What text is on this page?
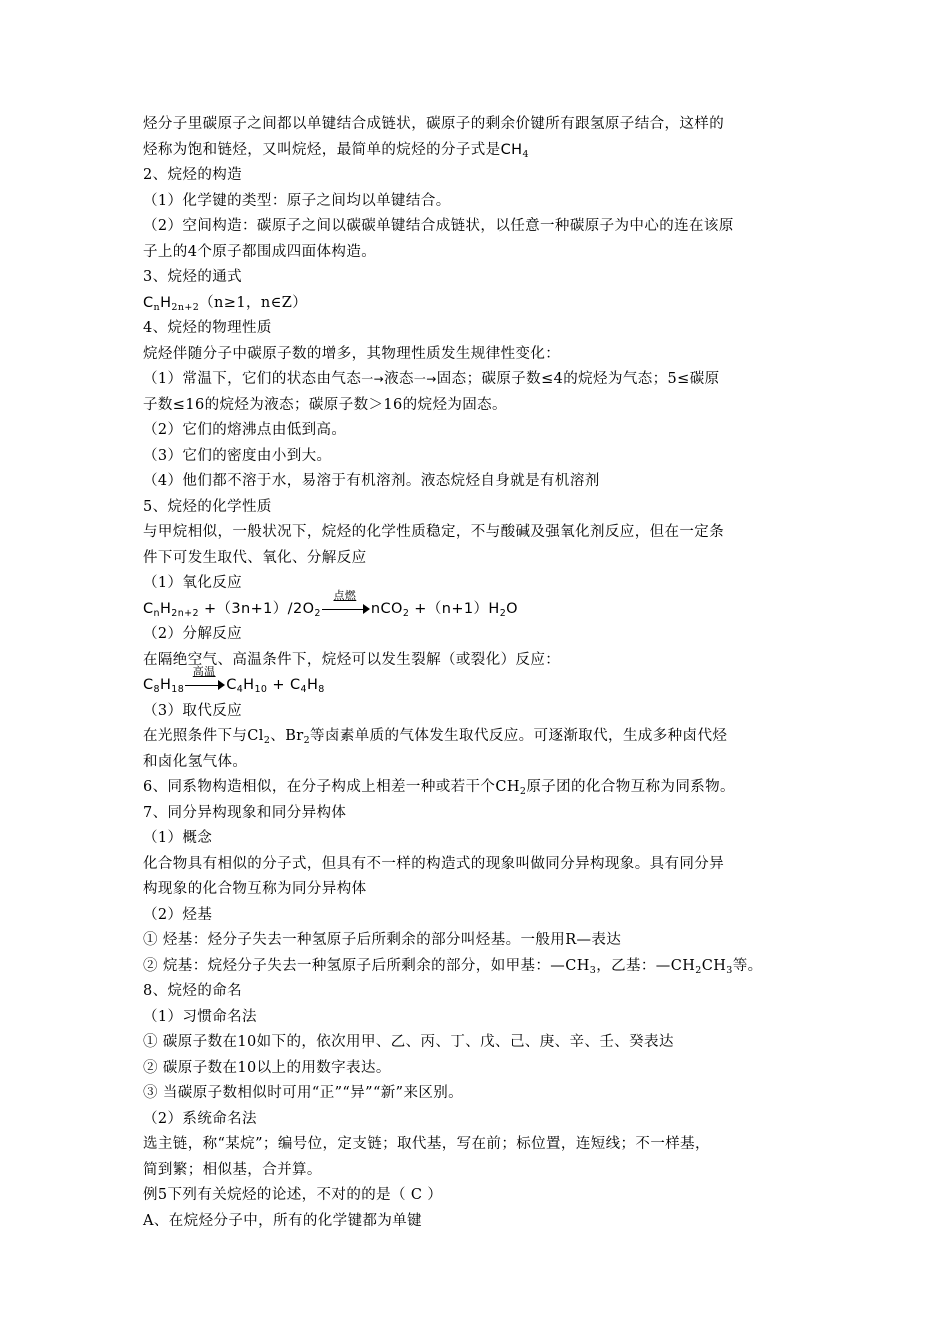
烃分子里碳原子之间都以单键结合成链状，碳原子的剩余价键所有跟氢原子结合，这样的
烃称为饱和链烃，又叫烷烃，最简单的烷烃的分子式是$CH_4$
2、烷烃的构造
（1）化学键的类型：原子之间均以单键结合。
（2）空间构造：碳原子之间以碳碳单键结合成链状，以任意一种碳原子为中心的连在该原
子上的4个原子都围成四面体构造。
3、烷烃的通式
$C_nH_{2n+2}(n\ge 1$，n∈Z）
4、烷烃的物理性质
烷烃伴随分子中碳原子数的增多，其物理性质发生规律性变化：
（1）常温下，它们的状态由气态一→液态一→固态；碳原子数≤4的烷烃为气态；5≤碳原
子数≤16的烷烃为液态；碳原子数＞16的烷烃为固态。
（2）它们的熔沸点由低到高。
（3）它们的密度由小到大。
（4）他们都不溶于水，易溶于有机溶剂。液态烷烃自身就是有机溶剂
5、烷烃的化学性质
与甲烷相似，一般状况下，烷烃的化学性质稳定，不与酸碱及强氧化剂反应，但在一定条
件下可发生取代、氧化、分解反应
（1）氧化反应
$C_nH_{2n+2} +(3n+1)/2O_2$
点燃
$nCO_2 +(n+1)H_2O$
（2）分解反应
在隔绝空气、高温条件下，烷烃可以发生裂解（或裂化）反应：
$C_8H_{18}$
高温
$C_4H_{10} + C_4H_8$
（3）取代反应
在光照条件下与$Cl_2$、$Br_2$等卤素单质的气体发生取代反应。可逐渐取代，生成多种卤代烃
和卤化氢气体。
6、同系物构造相似，在分子构成上相差一种或若干个$CH_2$原子团的化合物互称为同系物。
7、同分异构现象和同分异构体
（1）概念
化合物具有相似的分子式，但具有不一样的构造式的现象叫做同分异构现象。具有同分异
构现象的化合物互称为同分异构体
（2）烃基
① 烃基：烃分子失去一种氢原子后所剩余的部分叫烃基。一般用R—表达
② 烷基：烷烃分子失去一种氢原子后所剩余的部分，如甲基：$—CH_3$，乙基：$—CH_2CH_3$等。
8、烷烃的命名
（1）习惯命名法
① 碳原子数在10如下的，依次用甲、乙、丙、丁、戊、己、庚、辛、壬、癸表达
② 碳原子数在10以上的用数字表达。
③ 当碳原子数相似时可用“正”“异”“新”来区别。
（2）系统命名法
选主链，称“某烷”；编号位，定支链；取代基，写在前；标位置，连短线；不一样基，
简到繁；相似基，合并算。
例5下列有关烷烃的论述，不对的的是（ C ）
A、在烷烃分子中，所有的化学键都为单键
